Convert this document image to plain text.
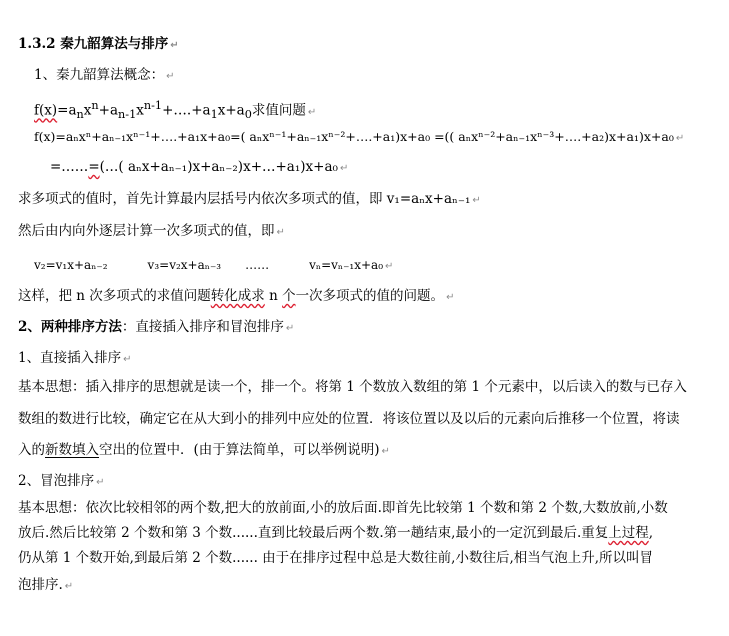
1.3.2 秦九韶算法与排序 ↵
1、秦九韶算法概念： ↵
$f(x)=a_nx^n+a_{n-1}x^{n-1}+\dots.+a_1x+a_0$求值问题 ↵
f(x)=aₙxⁿ+aₙ₋₁xⁿ⁻¹+….+a₁x+a₀=( aₙxⁿ⁻¹+aₙ₋₁xⁿ⁻²+….+a₁)x+a₀ =(( aₙxⁿ⁻²+aₙ₋₁xⁿ⁻³+….+a₂)x+a₁)x+a₀ ↵
=……=(…( aₙx+aₙ₋₁)x+aₙ₋₂)x+…+a₁)x+a₀ ↵
求多项式的值时，首先计算最内层括号内依次多项式的值，即 v₁=aₙx+aₙ₋₁ ↵
然后由内向外逐层计算一次多项式的值，即 ↵
v₂=v₁x+aₙ₋₂	v₃=v₂x+aₙ₋₃ ……	vₙ=vₙ₋₁x+a₀ ↵
这样，把 n 次多项式的求值问题转化成求 n 个一次多项式的值的问题。 ↵
2、两种排序方法：直接插入排序和冒泡排序 ↵
1、直接插入排序 ↵
基本思想：插入排序的思想就是读一个，排一个。将第 1 个数放入数组的第 1 个元素中，以后读入的数与已存入
数组的数进行比较，确定它在从大到小的排列中应处的位置．将该位置以及以后的元素向后推移一个位置，将读
入的新数填入空出的位置中．(由于算法简单，可以举例说明) ↵
2、冒泡排序 ↵
基本思想：依次比较相邻的两个数,把大的放前面,小的放后面.即首先比较第 1 个数和第 2 个数,大数放前,小数
放后.然后比较第 2 个数和第 3 个数......直到比较最后两个数.第一趟结束,最小的一定沉到最后.重复上过程,
仍从第 1 个数开始,到最后第 2 个数...... 由于在排序过程中总是大数往前,小数往后,相当气泡上升,所以叫冒
泡排序. ↵
